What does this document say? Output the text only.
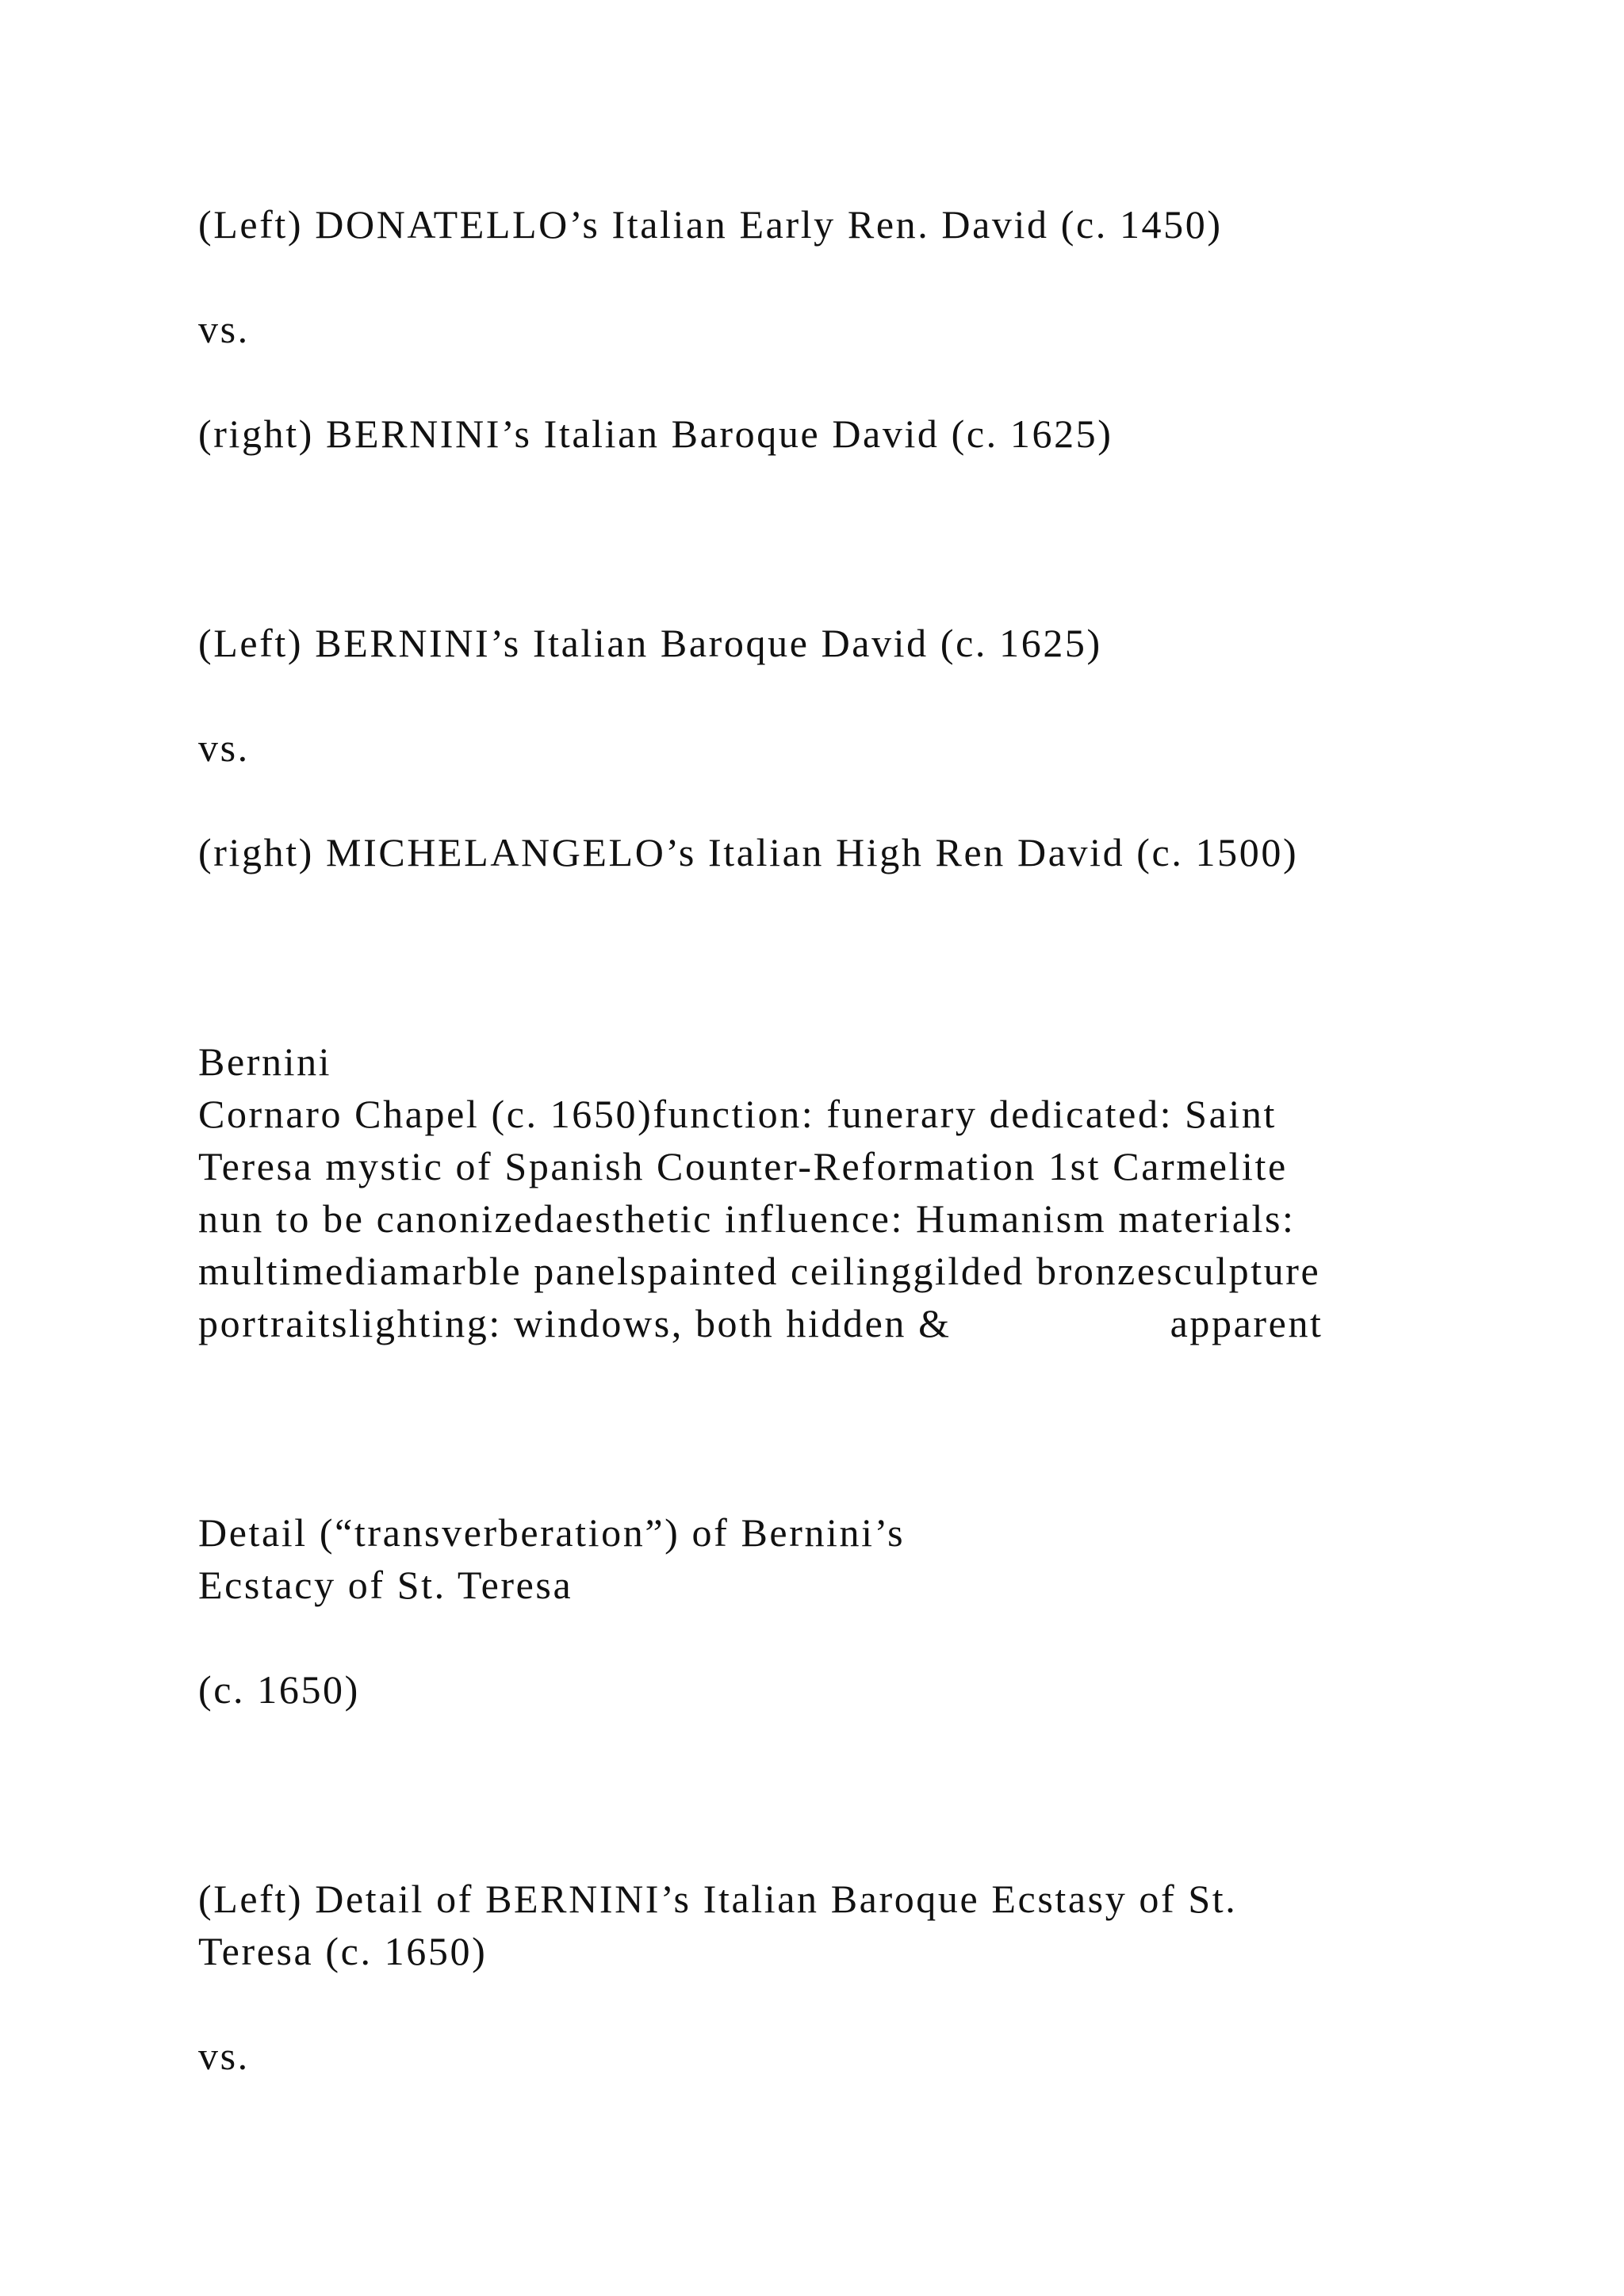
(Left) DONATELLO’s Italian Early Ren. David (c. 1450)

vs.

(right) BERNINI’s Italian Baroque David (c. 1625)

(Left) BERNINI’s Italian Baroque David (c. 1625)

vs.

(right) MICHELANGELO’s Italian High Ren David (c. 1500)

Bernini

Cornaro Chapel (c. 1650)function: funerary dedicated: Saint

Teresa mystic of Spanish Counter-Reformation 1st Carmelite

nun to be canonizedaesthetic influence: Humanism materials:

multimediamarble panelspainted ceilinggilded bronzesculpture

portraitslighting: windows, both hidden &	apparent

Detail (“transverberation”) of Bernini’s

Ecstacy of St. Teresa

(c. 1650)

(Left) Detail of BERNINI’s Italian Baroque Ecstasy of St.

Teresa (c. 1650)

vs.
